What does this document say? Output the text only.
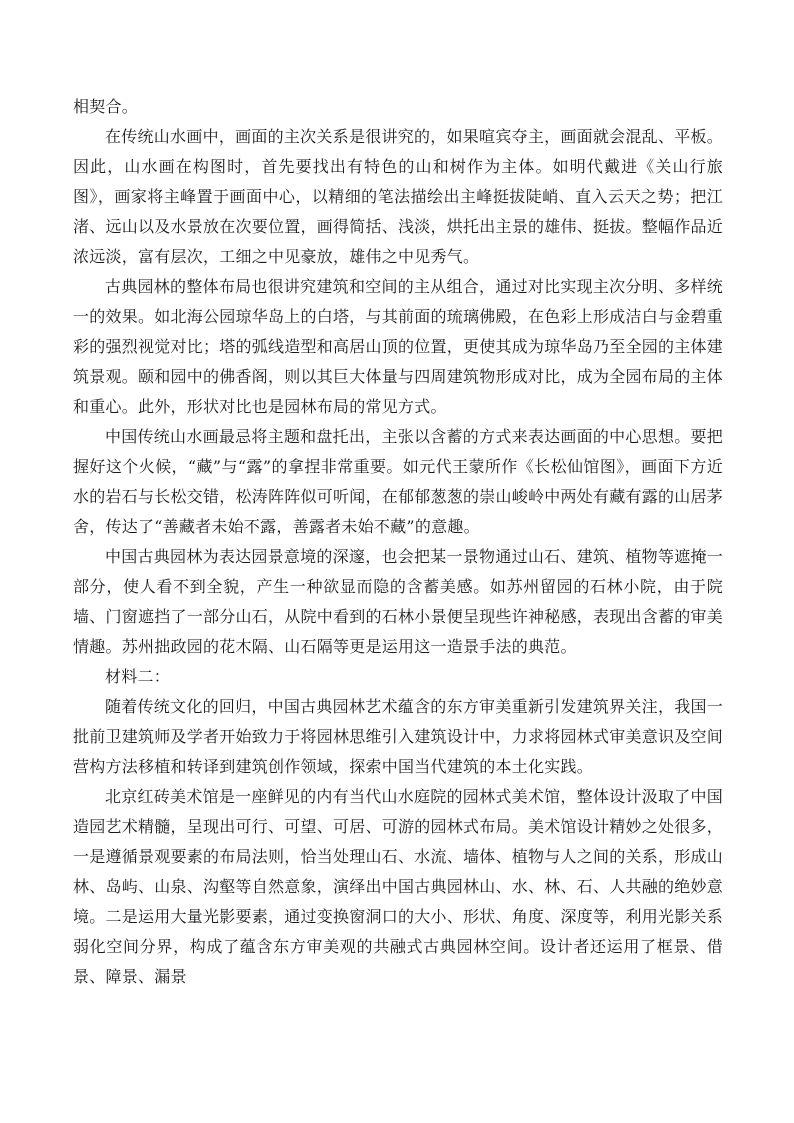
相契合。

在传统山水画中，画面的主次关系是很讲究的，如果喧宾夺主，画面就会混乱、平板。因此，山水画在构图时，首先要找出有特色的山和树作为主体。如明代戴进《关山行旅图》，画家将主峰置于画面中心，以精细的笔法描绘出主峰挺拔陡峭、直入云天之势；把江渚、远山以及水景放在次要位置，画得简括、浅淡，烘托出主景的雄伟、挺拔。整幅作品近浓远淡，富有层次，工细之中见豪放，雄伟之中见秀气。

古典园林的整体布局也很讲究建筑和空间的主从组合，通过对比实现主次分明、多样统一的效果。如北海公园琼华岛上的白塔，与其前面的琉璃佛殿，在色彩上形成洁白与金碧重彩的强烈视觉对比；塔的弧线造型和高居山顶的位置，更使其成为琼华岛乃至全园的主体建筑景观。颐和园中的佛香阁，则以其巨大体量与四周建筑物形成对比，成为全园布局的主体和重心。此外，形状对比也是园林布局的常见方式。

中国传统山水画最忌将主题和盘托出，主张以含蓄的方式来表达画面的中心思想。要把握好这个火候，“藏”与“露”的拿捏非常重要。如元代王蒙所作《长松仙馆图》，画面下方近水的岩石与长松交错，松涛阵阵似可听闻，在郁郁葱葱的崇山峻岭中两处有藏有露的山居茅舍，传达了“善藏者未始不露，善露者未始不藏”的意趣。

中国古典园林为表达园景意境的深邃，也会把某一景物通过山石、建筑、植物等遮掩一部分，使人看不到全貌，产生一种欲显而隐的含蓄美感。如苏州留园的石林小院，由于院墙、门窗遮挡了一部分山石，从院中看到的石林小景便呈现些许神秘感，表现出含蓄的审美情趣。苏州拙政园的花木隔、山石隔等更是运用这一造景手法的典范。

材料二：

随着传统文化的回归，中国古典园林艺术蕴含的东方审美重新引发建筑界关注，我国一批前卫建筑师及学者开始致力于将园林思维引入建筑设计中，力求将园林式审美意识及空间营构方法移植和转译到建筑创作领域，探索中国当代建筑的本土化实践。

北京红砖美术馆是一座鲜见的内有当代山水庭院的园林式美术馆，整体设计汲取了中国造园艺术精髓，呈现出可行、可望、可居、可游的园林式布局。美术馆设计精妙之处很多，一是遵循景观要素的布局法则，恰当处理山石、水流、墙体、植物与人之间的关系，形成山林、岛屿、山泉、沟壑等自然意象，演绎出中国古典园林山、水、林、石、人共融的绝妙意境。二是运用大量光影要素，通过变换窗洞口的大小、形状、角度、深度等，利用光影关系弱化空间分界，构成了蕴含东方审美观的共融式古典园林空间。设计者还运用了框景、借景、障景、漏景
